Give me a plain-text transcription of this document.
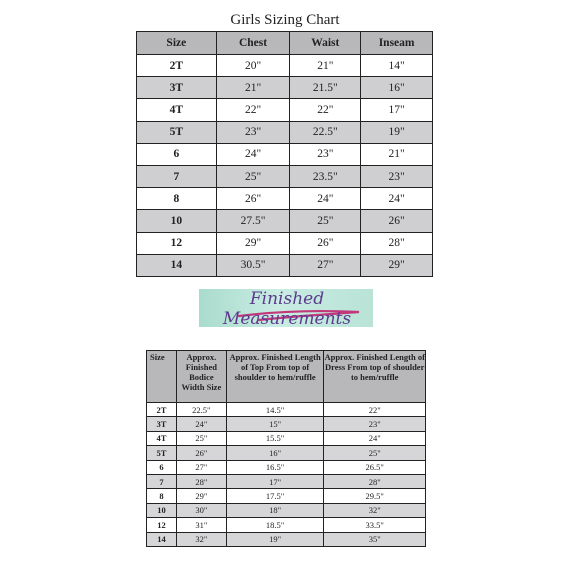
Girls Sizing Chart
Size	Chest	Waist	Inseam
2T	20"	21"	14"
3T	21"	21.5"	16"
4T	22"	22"	17"
5T	23"	22.5"	19"
6	24"	23"	21"
7	25"	23.5"	23"
8	26"	24"	24"
10	27.5"	25"	26"
12	29"	26"	28"
14	30.5"	27"	29"
Finished Measurements
Size	Approx. Finished Bodice Width Size	Approx. Finished Length of Top From top of shoulder to hem/ruffle	Approx. Finished Length of Dress From top of shoulder to hem/ruffle
2T	22.5"	14.5"	22"
3T	24"	15"	23"
4T	25"	15.5"	24"
5T	26"	16"	25"
6	27"	16.5"	26.5"
7	28"	17"	28"
8	29"	17.5"	29.5"
10	30"	18"	32"
12	31"	18.5"	33.5"
14	32"	19"	35"
